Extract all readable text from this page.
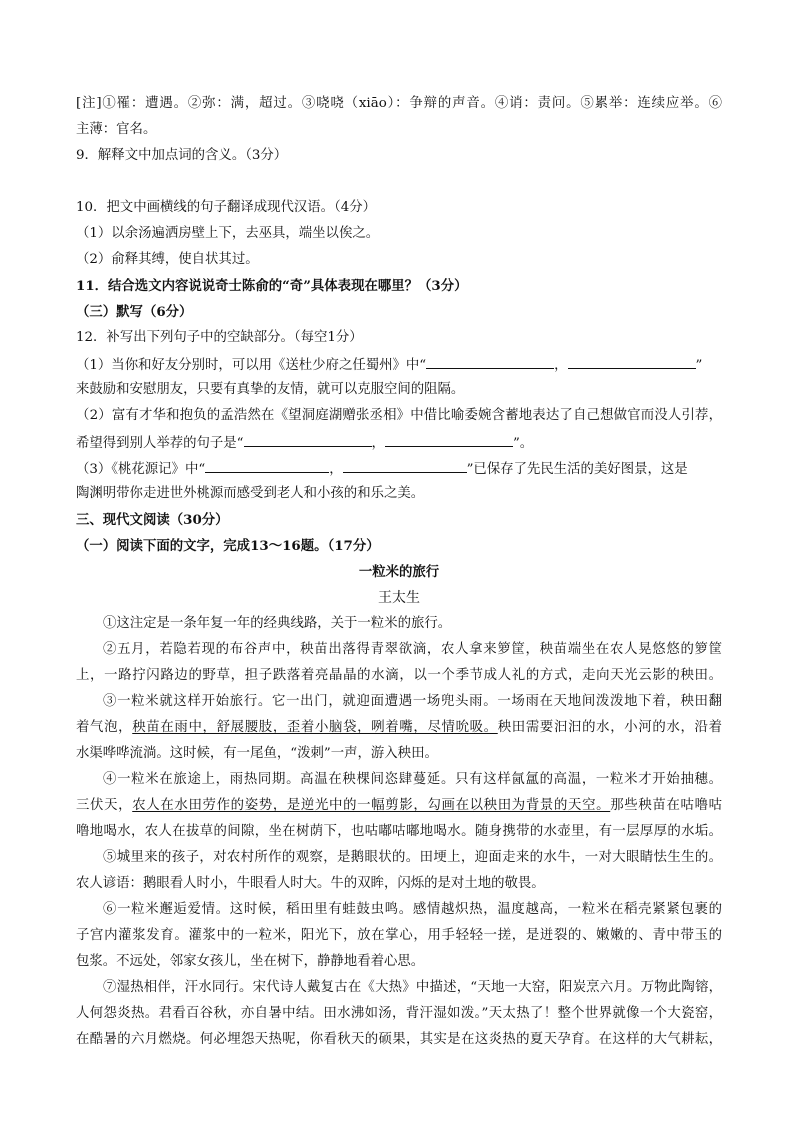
[注]①罹：遭遇。②弥：满，超过。③哓哓（xiāo）：争辩的声音。④诮：责问。⑤累举：连续应举。⑥
主薄：官名。
9．解释文中加点词的含义。（3分）
10．把文中画横线的句子翻译成现代汉语。（4分）
（1）以余汤遍洒房壁上下，去巫具，端坐以俟之。
（2）俞释其缚，使自状其过。
11．结合选文内容说说奇士陈俞的“奇”具体表现在哪里？（3分）
（三）默写（6分）
12．补写出下列句子中的空缺部分。（每空1分）
（1）当你和好友分别时，可以用《送杜少府之任蜀州》中“	，	”
来鼓励和安慰朋友，只要有真挚的友情，就可以克服空间的阻隔。
（2）富有才华和抱负的孟浩然在《望洞庭湖赠张丞相》中借比喻委婉含蓄地表达了自己想做官而没人引荐，
希望得到别人举荐的句子是“	，	”。
（3）《桃花源记》中“	，	”已保存了先民生活的美好图景，这是
陶渊明带你走进世外桃源而感受到老人和小孩的和乐之美。
三、现代文阅读（30分）
（一）阅读下面的文字，完成13～16题。（17分）
一粒米的旅行
王太生
①这注定是一条年复一年的经典线路，关于一粒米的旅行。
②五月，若隐若现的布谷声中，秧苗出落得青翠欲滴，农人拿来箩筐，秧苗端坐在农人晃悠悠的箩筐
上，一路拧闪路边的野草，担子跌落着亮晶晶的水滴，以一个季节成人礼的方式，走向天光云影的秧田。
③一粒米就这样开始旅行。它一出门，就迎面遭遇一场兜头雨。一场雨在天地间泼泼地下着，秧田翻
着气泡，秧苗在雨中，舒展腰肢，歪着小脑袋，咧着嘴，尽情吮吸。秧田需要汩汩的水，小河的水，沿着
水渠哗哗流淌。这时候，有一尾鱼，“泼刺”一声，游入秧田。
④一粒米在旅途上，雨热同期。高温在秧棵间恣肆蔓延。只有这样氤氲的高温，一粒米才开始抽穗。
三伏天，农人在水田劳作的姿势，是逆光中的一幅剪影，勾画在以秧田为背景的天空。那些秧苗在咕噜咕
噜地喝水，农人在拔草的间隙，坐在树荫下，也咕嘟咕嘟地喝水。随身携带的水壶里，有一层厚厚的水垢。
⑤城里来的孩子，对农村所作的观察，是鹅眼状的。田埂上，迎面走来的水牛，一对大眼睛怯生生的。
农人谚语：鹅眼看人时小，牛眼看人时大。牛的双眸，闪烁的是对土地的敬畏。
⑥一粒米邂逅爱情。这时候，稻田里有蛙鼓虫鸣。感情越炽热，温度越高，一粒米在稻壳紧紧包裹的
子宫内灌浆发育。灌浆中的一粒米，阳光下，放在掌心，用手轻轻一搓，是迸裂的、嫩嫩的、青中带玉的
包浆。不远处，邻家女孩儿，坐在树下，静静地看着心思。
⑦湿热相伴，汗水同行。宋代诗人戴复古在《大热》中描述，“天地一大窑，阳炭烹六月。万物此陶镕，
人何怨炎热。君看百谷秋，亦自暑中结。田水沸如汤，背汗湿如泼。”天太热了！整个世界就像一个大瓷窑，
在酷暑的六月燃烧。何必埋怨天热呢，你看秋天的硕果，其实是在这炎热的夏天孕育。在这样的大气耕耘，
